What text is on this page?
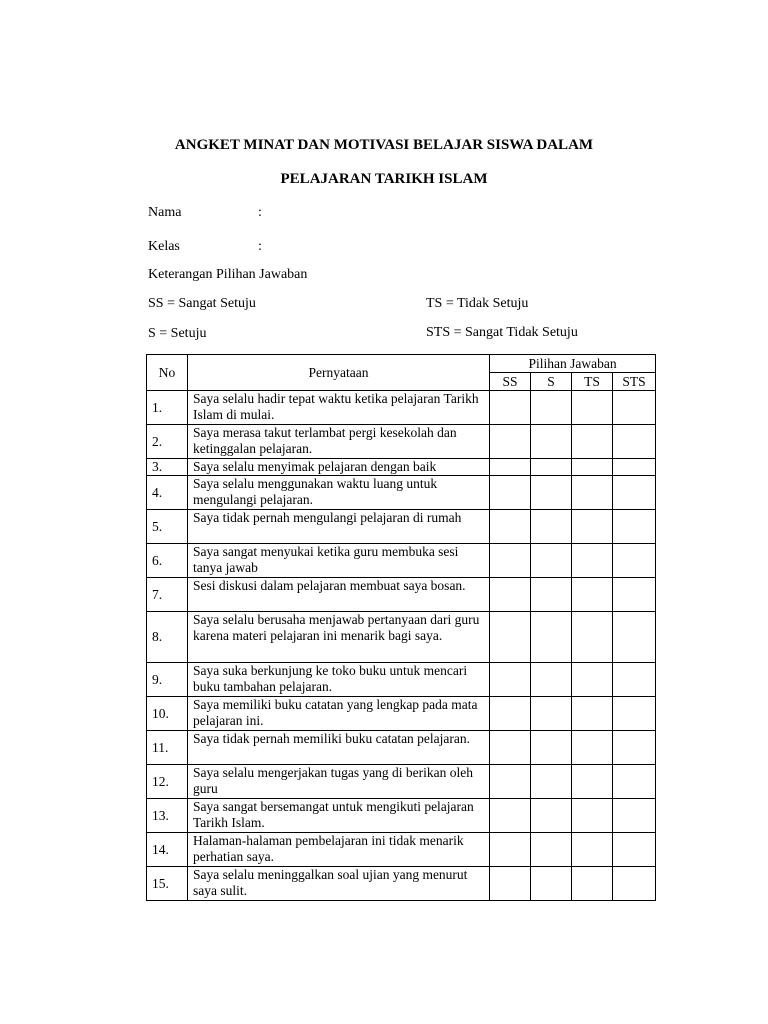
ANGKET MINAT DAN MOTIVASI BELAJAR SISWA DALAM
PELAJARAN TARIKH ISLAM
Nama	:
Kelas	:
Keterangan Pilihan Jawaban
SS = Sangat Setuju	TS = Tidak Setuju
S = Setuju	STS = Sangat Tidak Setuju
No	Pernyataan	Pilihan Jawaban			
		SS	S	TS	STS
1.	Saya selalu hadir tepat waktu ketika pelajaran Tarikh Islam di mulai.				
2.	Saya merasa takut terlambat pergi kesekolah dan ketinggalan pelajaran.				
3.	Saya selalu menyimak pelajaran dengan baik				
4.	Saya selalu menggunakan waktu luang untuk mengulangi pelajaran.				
5.	Saya tidak pernah mengulangi pelajaran di rumah				
6.	Saya sangat menyukai ketika guru membuka sesi tanya jawab				
7.	Sesi diskusi dalam pelajaran membuat saya bosan.				
8.	Saya selalu berusaha menjawab pertanyaan dari guru karena materi pelajaran ini menarik bagi saya.				
9.	Saya suka berkunjung ke toko buku untuk mencari buku tambahan pelajaran.				
10.	Saya memiliki buku catatan yang lengkap pada mata pelajaran ini.				
11.	Saya tidak pernah memiliki buku catatan pelajaran.				
12.	Saya selalu mengerjakan tugas yang di berikan oleh guru				
13.	Saya sangat bersemangat untuk mengikuti pelajaran Tarikh Islam.				
14.	Halaman-halaman pembelajaran ini tidak menarik perhatian saya.				
15.	Saya selalu meninggalkan soal ujian yang menurut saya sulit.				
